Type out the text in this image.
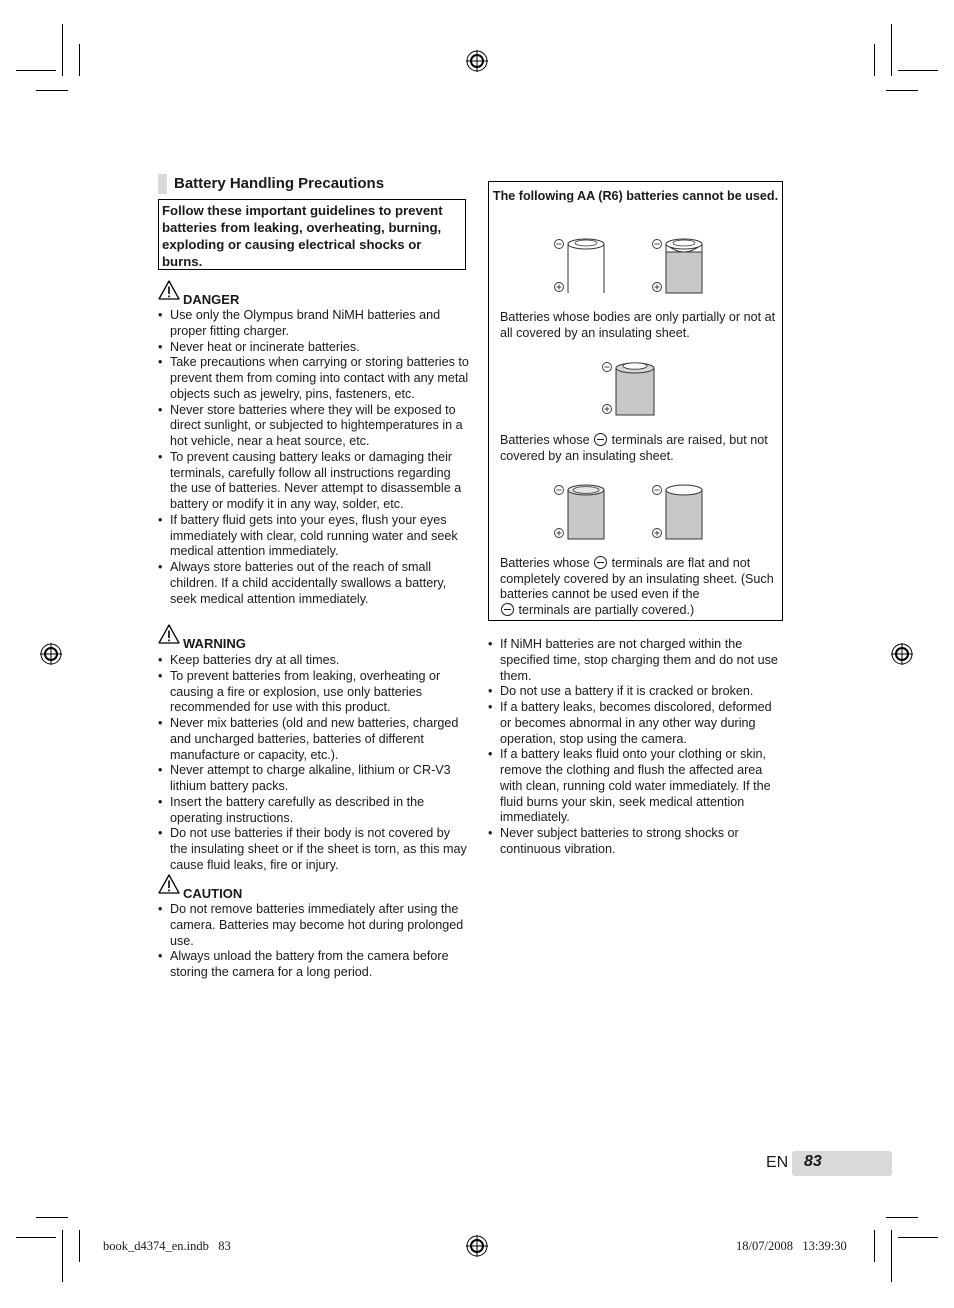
Battery Handling Precautions
Follow these important guidelines to prevent batteries from leaking, overheating, burning, exploding or causing electrical shocks or burns.
DANGER
• Use only the Olympus brand NiMH batteries and proper fitting charger.
• Never heat or incinerate batteries.
• Take precautions when carrying or storing batteries to prevent them from coming into contact with any metal objects such as jewelry, pins, fasteners, etc.
• Never store batteries where they will be exposed to direct sunlight, or subjected to hightemperatures in a hot vehicle, near a heat source, etc.
• To prevent causing battery leaks or damaging their terminals, carefully follow all instructions regarding the use of batteries. Never attempt to disassemble a battery or modify it in any way, solder, etc.
• If battery fluid gets into your eyes, flush your eyes immediately with clear, cold running water and seek medical attention immediately.
• Always store batteries out of the reach of small children. If a child accidentally swallows a battery, seek medical attention immediately.
WARNING
• Keep batteries dry at all times.
• To prevent batteries from leaking, overheating or causing a fire or explosion, use only batteries recommended for use with this product.
• Never mix batteries (old and new batteries, charged and uncharged batteries, batteries of different manufacture or capacity, etc.).
• Never attempt to charge alkaline, lithium or CR-V3 lithium battery packs.
• Insert the battery carefully as described in the operating instructions.
• Do not use batteries if their body is not covered by the insulating sheet or if the sheet is torn, as this may cause fluid leaks, fire or injury.
CAUTION
• Do not remove batteries immediately after using the camera. Batteries may become hot during prolonged use.
• Always unload the battery from the camera before storing the camera for a long period.
The following AA (R6) batteries cannot be used.
Batteries whose bodies are only partially or not at all covered by an insulating sheet.
Batteries whose terminals are raised, but not covered by an insulating sheet.
Batteries whose terminals are flat and not completely covered by an insulating sheet. (Such batteries cannot be used even if the
terminals are partially covered.)
• If NiMH batteries are not charged within the specified time, stop charging them and do not use them.
• Do not use a battery if it is cracked or broken.
• If a battery leaks, becomes discolored, deformed or becomes abnormal in any other way during operation, stop using the camera.
• If a battery leaks fluid onto your clothing or skin, remove the clothing and flush the affected area with clean, running cold water immediately. If the fluid burns your skin, seek medical attention immediately.
• Never subject batteries to strong shocks or continuous vibration.
EN 83
book_d4374_en.indb   83	18/07/2008   13:39:30
